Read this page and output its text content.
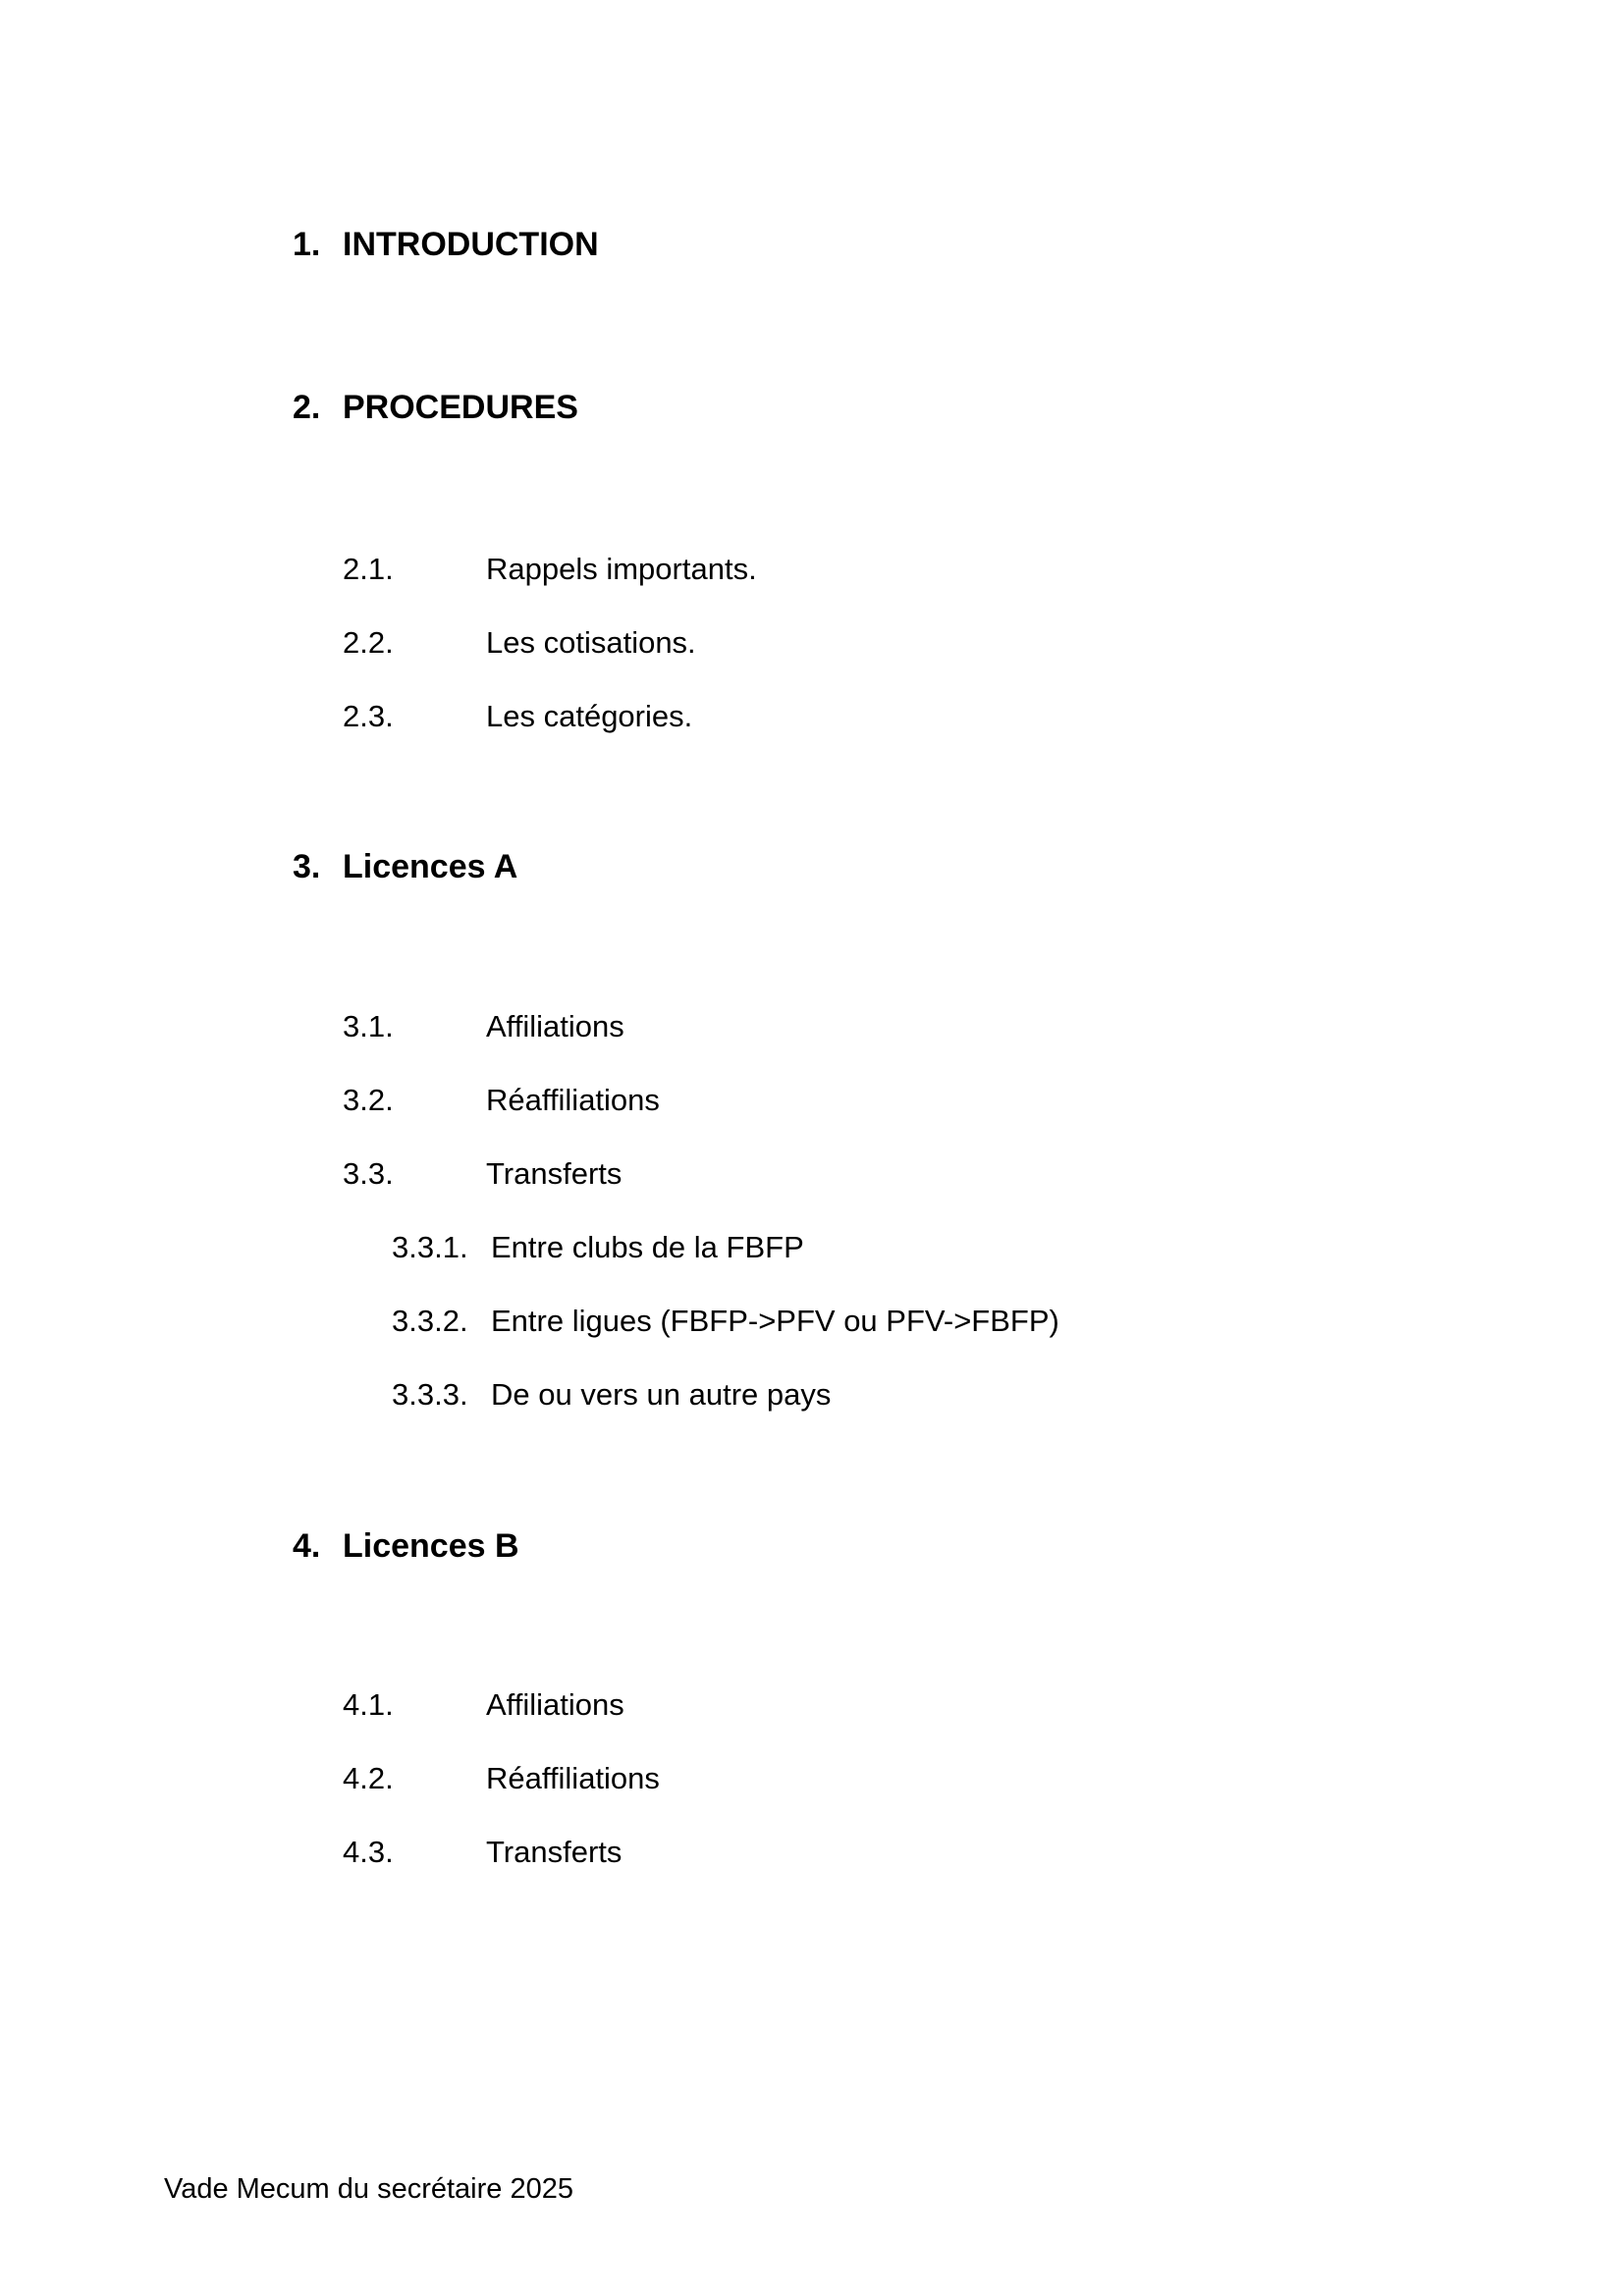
1. INTRODUCTION
2. PROCEDURES
2.1.	Rappels importants.
2.2.	Les cotisations.
2.3.	Les catégories.
3. Licences A
3.1.	Affiliations
3.2.	Réaffiliations
3.3.	Transferts
3.3.1. Entre clubs de la FBFP
3.3.2. Entre ligues (FBFP->PFV ou PFV->FBFP)
3.3.3. De ou vers un autre pays
4. Licences B
4.1.	Affiliations
4.2.	Réaffiliations
4.3.	Transferts
Vade Mecum du secrétaire 2025
